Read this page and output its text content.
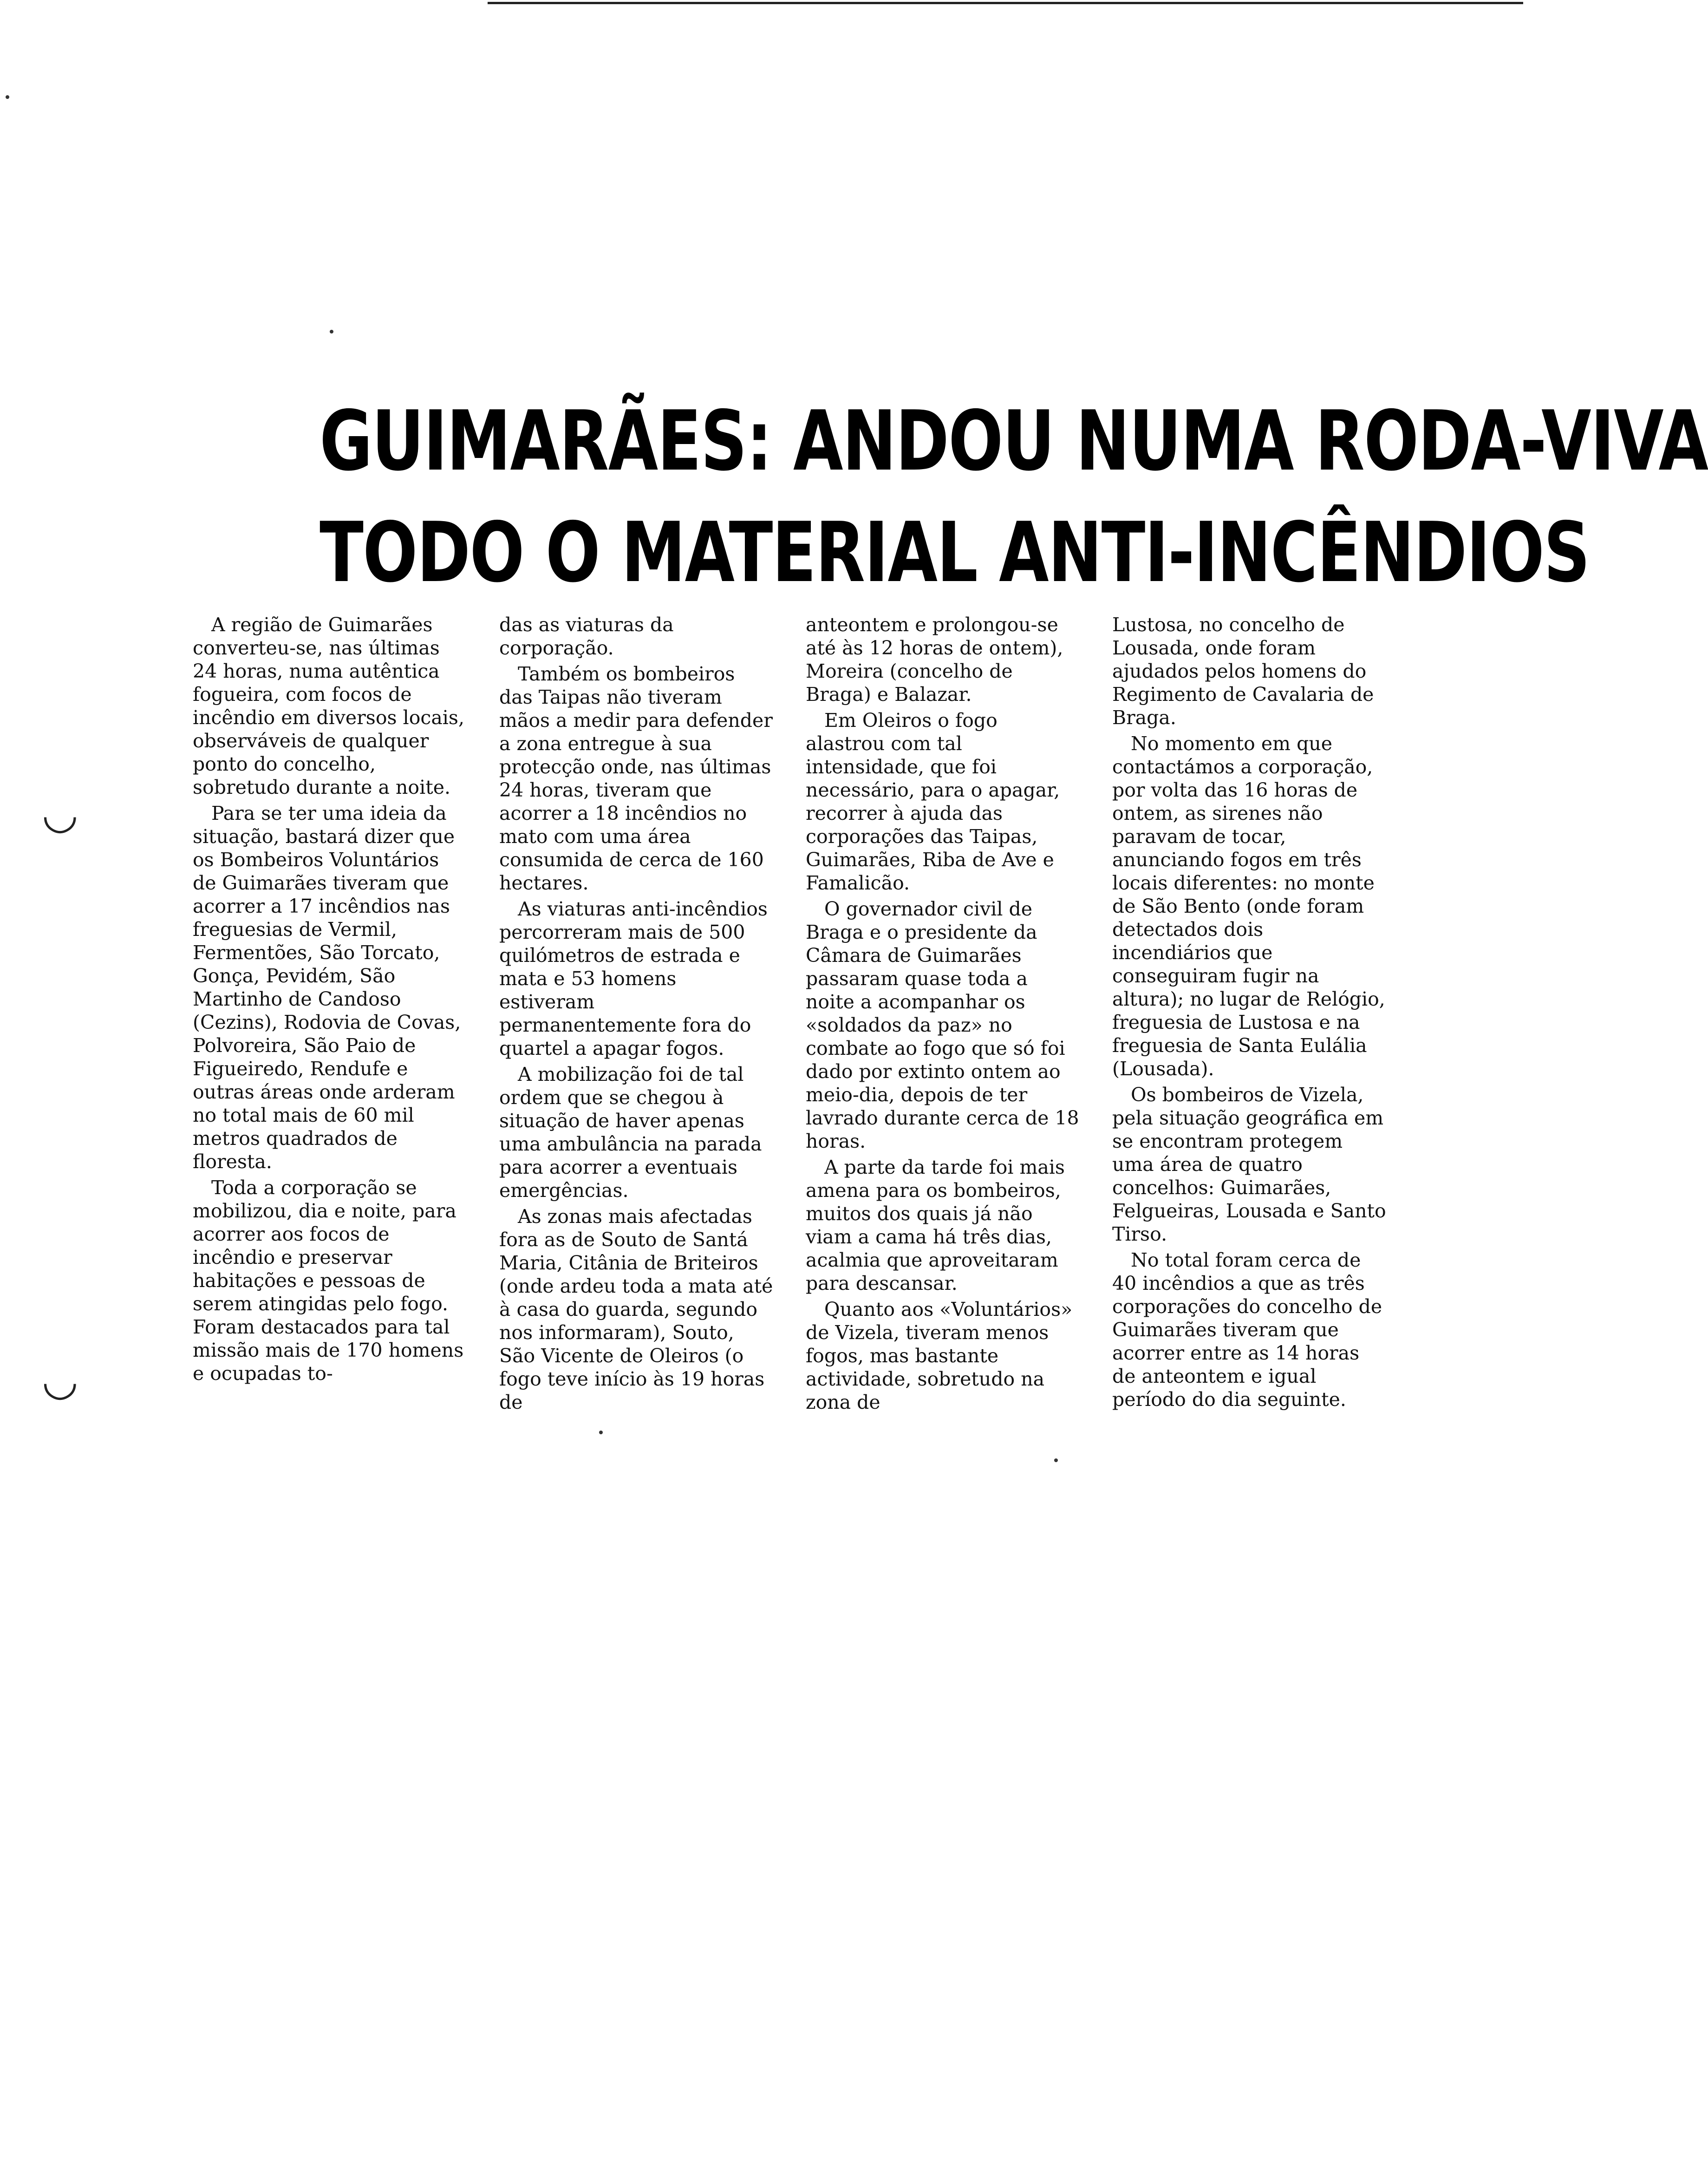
◡
◡
GUIMARÃES: ANDOU NUMA RODA-VIVA
TODO O MATERIAL ANTI-INCÊNDIOS

A região de Guimarães converteu-se, nas últimas 24 horas, numa autêntica fogueira, com focos de incêndio em diversos locais, observáveis de qualquer ponto do concelho, sobretudo durante a noite.

Para se ter uma ideia da situação, bastará dizer que os Bombeiros Voluntários de Guimarães tiveram que acorrer a 17 incêndios nas freguesias de Vermil, Fermentões, São Torcato, Gonça, Pevidém, São Martinho de Candoso (Cezins), Rodovia de Covas, Polvoreira, São Paio de Figueiredo, Rendufe e outras áreas onde arderam no total mais de 60 mil metros quadrados de floresta.

Toda a corporação se mobilizou, dia e noite, para acorrer aos focos de incêndio e preservar habitações e pessoas de serem atingidas pelo fogo. Foram destacados para tal missão mais de 170 homens e ocupadas to-

das as viaturas da corporação.

Também os bombeiros das Taipas não tiveram mãos a medir para defender a zona entregue à sua protecção onde, nas últimas 24 horas, tiveram que acorrer a 18 incêndios no mato com uma área consumida de cerca de 160 hectares.

As viaturas anti-incêndios percorreram mais de 500 quilómetros de estrada e mata e 53 homens estiveram permanentemente fora do quartel a apagar fogos.

A mobilização foi de tal ordem que se chegou à situação de haver apenas uma ambulância na parada para acorrer a eventuais emergências.

As zonas mais afectadas fora as de Souto de Santá Maria, Citânia de Briteiros (onde ardeu toda a mata até à casa do guarda, segundo nos informaram), Souto, São Vicente de Oleiros (o fogo teve início às 19 horas de

anteontem e prolongou-se até às 12 horas de ontem), Moreira (concelho de Braga) e Balazar.

Em Oleiros o fogo alastrou com tal intensidade, que foi necessário, para o apagar, recorrer à ajuda das corporações das Taipas, Guimarães, Riba de Ave e Famalicão.

O governador civil de Braga e o presidente da Câmara de Guimarães passaram quase toda a noite a acompanhar os «soldados da paz» no combate ao fogo que só foi dado por extinto ontem ao meio-dia, depois de ter lavrado durante cerca de 18 horas.

A parte da tarde foi mais amena para os bombeiros, muitos dos quais já não viam a cama há três dias, acalmia que aproveitaram para descansar.

Quanto aos «Voluntários» de Vizela, tiveram menos fogos, mas bastante actividade, sobretudo na zona de

Lustosa, no concelho de Lousada, onde foram ajudados pelos homens do Regimento de Cavalaria de Braga.

No momento em que contactámos a corporação, por volta das 16 horas de ontem, as sirenes não paravam de tocar, anunciando fogos em três locais diferentes: no monte de São Bento (onde foram detectados dois incendiários que conseguiram fugir na altura); no lugar de Relógio, freguesia de Lustosa e na freguesia de Santa Eulália (Lousada).

Os bombeiros de Vizela, pela situação geográfica em se encontram protegem uma área de quatro concelhos: Guimarães, Felgueiras, Lousada e Santo Tirso.

No total foram cerca de 40 incêndios a que as três corporações do concelho de Guimarães tiveram que acorrer entre as 14 horas de anteontem e igual período do dia seguinte.
